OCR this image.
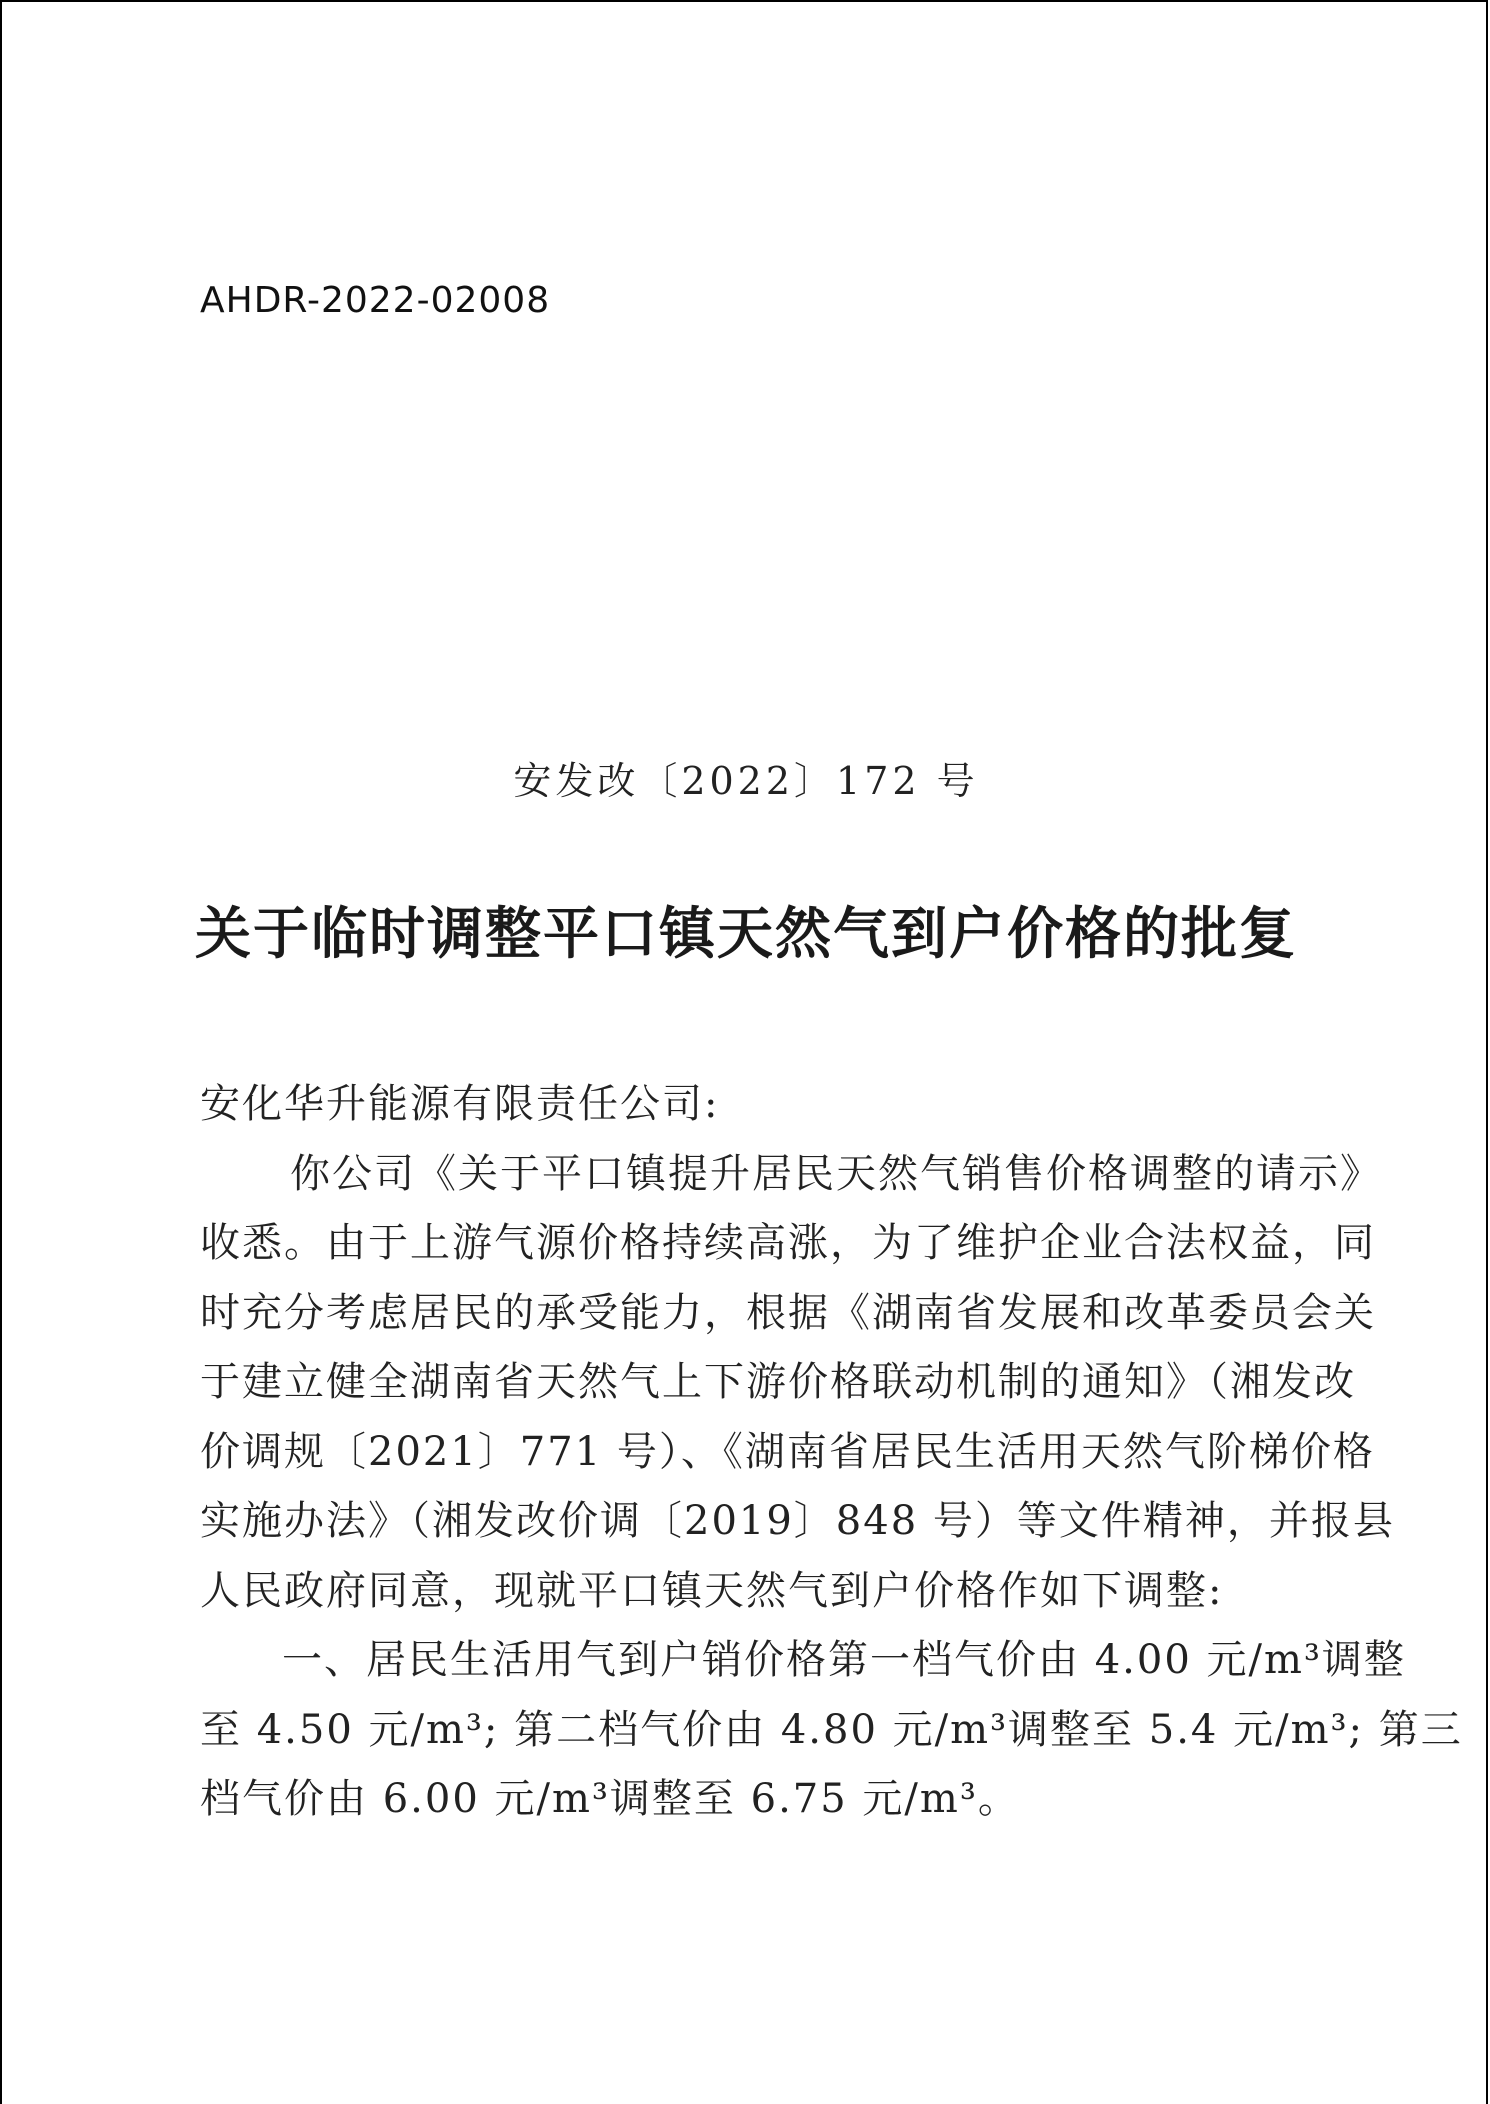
AHDR-2022-02008
安发改〔2022〕172 号
关于临时调整平口镇天然气到户价格的批复
安化华升能源有限责任公司:
你公司《关于平口镇提升居民天然气销售价格调整的请示》
收悉。由于上游气源价格持续高涨，为了维护企业合法权益，同
时充分考虑居民的承受能力，根据《湖南省发展和改革委员会关
于建立健全湖南省天然气上下游价格联动机制的通知》（湘发改
价调规〔2021〕771 号）、《湖南省居民生活用天然气阶梯价格
实施办法》（湘发改价调〔2019〕848 号）等文件精神，并报县
人民政府同意，现就平口镇天然气到户价格作如下调整:
一、居民生活用气到户销价格第一档气价由 4.00 元/m³调整
至 4.50 元/m³; 第二档气价由 4.80 元/m³调整至 5.4 元/m³; 第三
档气价由 6.00 元/m³调整至 6.75 元/m³。
